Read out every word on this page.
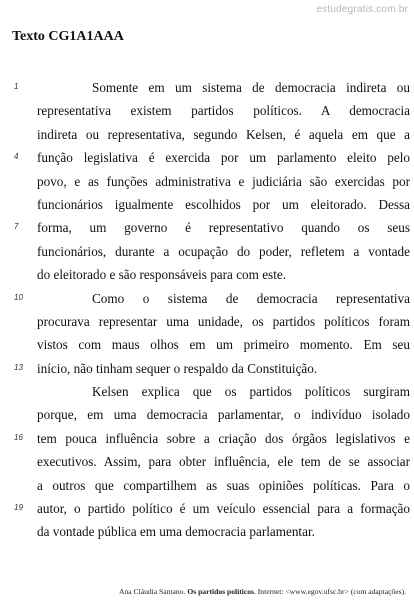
estudegratis.com.br
Texto CG1A1AAA
1	Somente em um sistema de democracia indireta ou
representativa existem partidos políticos. A democracia
indireta ou representativa, segundo Kelsen, é aquela em que a
4 função legislativa é exercida por um parlamento eleito pelo
povo, e as funções administrativa e judiciária são exercidas por
funcionários igualmente escolhidos por um eleitorado. Dessa
7 forma, um governo é representativo quando os seus
funcionários, durante a ocupação do poder, refletem a vontade
do eleitorado e são responsáveis para com este.
10	Como o sistema de democracia representativa
procurava representar uma unidade, os partidos políticos foram
vistos com maus olhos em um primeiro momento. Em seu
13 início, não tinham sequer o respaldo da Constituição.
Kelsen explica que os partidos políticos surgiram
porque, em uma democracia parlamentar, o indivíduo isolado
16 tem pouca influência sobre a criação dos órgãos legislativos e
executivos. Assim, para obter influência, ele tem de se associar
a outros que compartilhem as suas opiniões políticas. Para o
19 autor, o partido político é um veículo essencial para a formação
da vontade pública em uma democracia parlamentar.
Ana Cláudia Santano. Os partidos políticos. Internet: <www.egov.ufsc.br> (com adaptações).
